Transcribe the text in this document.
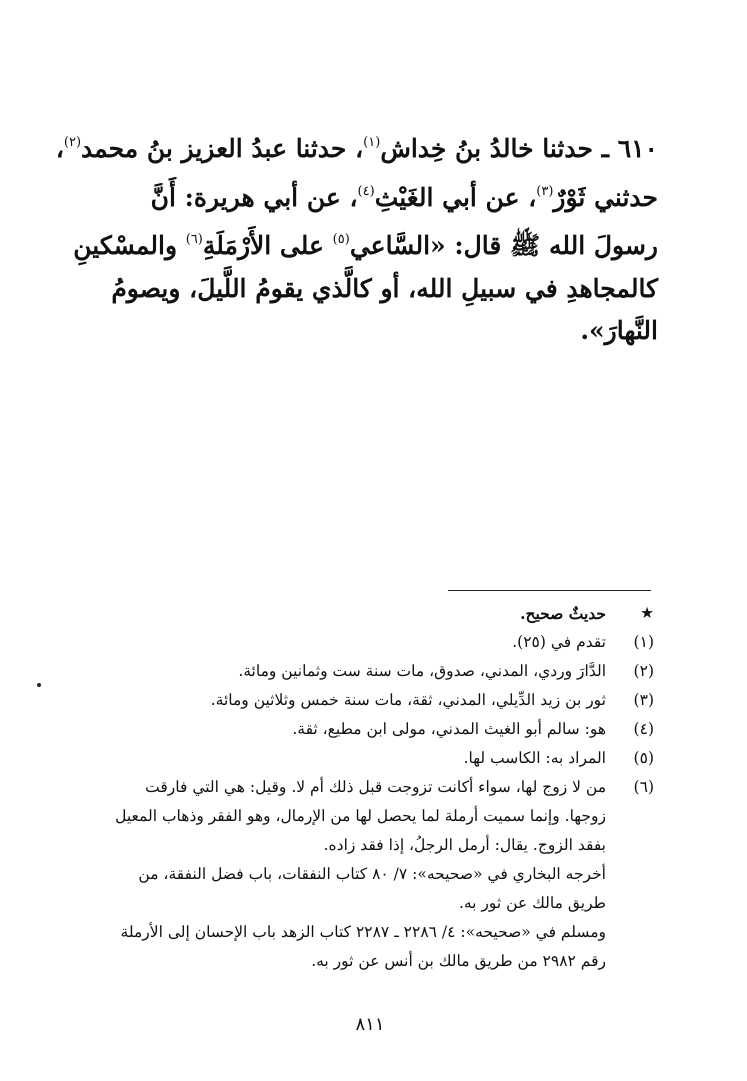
٦١٠ ـ حدثنا خالدُ بنُ خِداش$^{(١)}$، حدثنا عبدُ العزيز بنُ محمد$^{(٢)}$،
حدثني ثَوْرٌ$^{(٣)}$، عن أبي الغَيْثِ$^{(٤)}$، عن أبي هريرة: أَنَّ
رسولَ الله ﷺ قال: «السَّاعي$^{(٥)}$ على الأَرْمَلَةِ$^{(٦)}$ والمسْكينِ
كالمجاهدِ في سبيلِ الله، أو كالَّذي يقومُ اللَّيلَ، ويصومُ
النَّهارَ».
★
حديثٌ صحيح.
(١)
تقدم في (٢٥).
(٢)
الدَّارَ وردي، المدني، صدوق، مات سنة ست وثمانين ومائة.
(٣)
ثور بن زيد الدِّيلي، المدني، ثقة، مات سنة خمس وثلاثين ومائة.
(٤)
هو: سالم أبو الغيث المدني، مولى ابن مطيع، ثقة.
(٥)
المراد به: الكاسب لها.
(٦)
من لا زوج لها، سواء أكانت تزوجت قبل ذلك أم لا. وقيل: هي التي فارقت
زوجها. وإنما سميت أرملة لما يحصل لها من الإرمال، وهو الفقر وذهاب المعيل
بفقد الزوج. يقال: أرمل الرجلُ، إذا فقد زاده.
أخرجه البخاري في «صحيحه»: ٧/ ٨٠ كتاب النفقات، باب فضل النفقة، من
طريق مالك عن ثور به.
ومسلم في «صحيحه»: ٤/ ٢٢٨٦ ـ ٢٢٨٧ كتاب الزهد باب الإحسان إلى الأرملة
رقم ٢٩٨٢ من طريق مالك بن أنس عن ثور به.
٨١١
